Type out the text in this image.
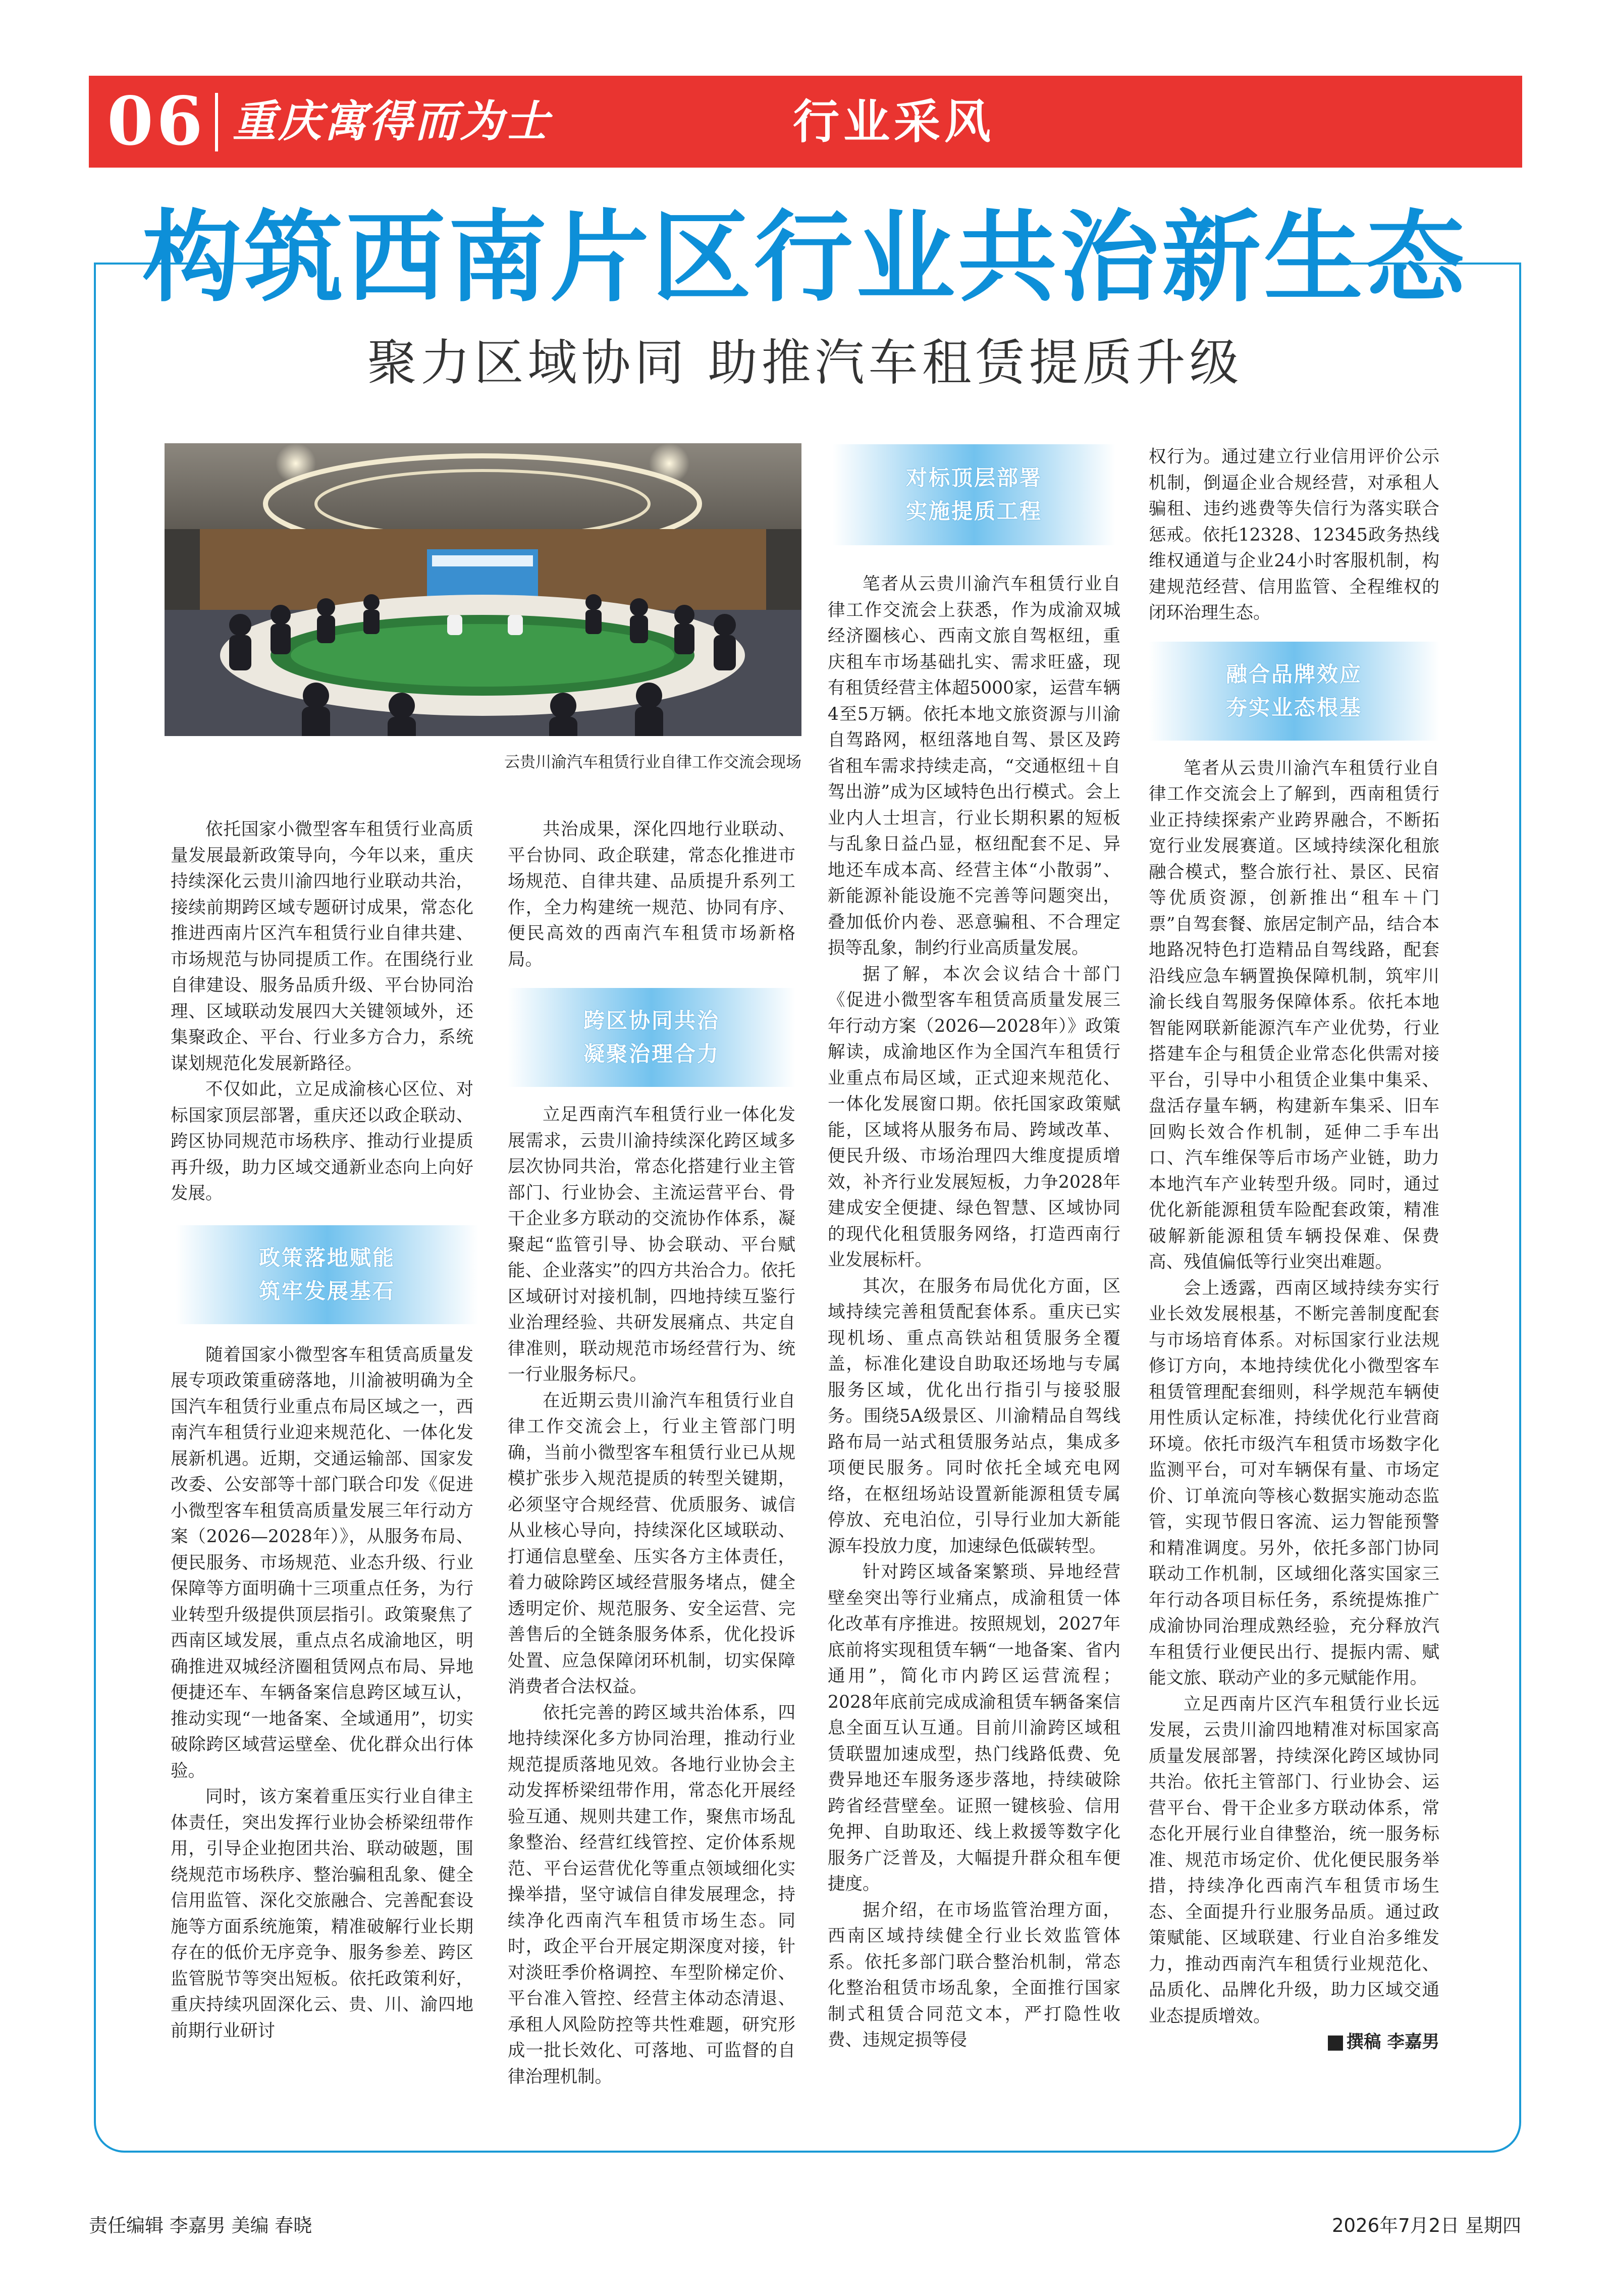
06 重庆寓得而为士	行业采风
构筑西南片区行业共治新生态
聚力区域协同 助推汽车租赁提质升级
云贵川渝汽车租赁行业自律工作交流会现场

依托国家小微型客车租赁行业高质量发展最新政策导向，今年以来，重庆持续深化云贵川渝四地行业联动共治，接续前期跨区域专题研讨成果，常态化推进西南片区汽车租赁行业自律共建、市场规范与协同提质工作。在围绕行业自律建设、服务品质升级、平台协同治理、区域联动发展四大关键领域外，还集聚政企、平台、行业多方合力，系统谋划规范化发展新路径。

不仅如此，立足成渝核心区位、对标国家顶层部署，重庆还以政企联动、跨区协同规范市场秩序、推动行业提质再升级，助力区域交通新业态向上向好发展。

政策落地赋能
筑牢发展基石

随着国家小微型客车租赁高质量发展专项政策重磅落地，川渝被明确为全国汽车租赁行业重点布局区域之一，西南汽车租赁行业迎来规范化、一体化发展新机遇。近期，交通运输部、国家发改委、公安部等十部门联合印发《促进小微型客车租赁高质量发展三年行动方案（2026—2028年）》，从服务布局、便民服务、市场规范、业态升级、行业保障等方面明确十三项重点任务，为行业转型升级提供顶层指引。政策聚焦了西南区域发展，重点点名成渝地区，明确推进双城经济圈租赁网点布局、异地便捷还车、车辆备案信息跨区域互认，推动实现“一地备案、全域通用”，切实破除跨区域营运壁垒、优化群众出行体验。

同时，该方案着重压实行业自律主体责任，突出发挥行业协会桥梁纽带作用，引导企业抱团共治、联动破题，围绕规范市场秩序、整治骗租乱象、健全信用监管、深化交旅融合、完善配套设施等方面系统施策，精准破解行业长期存在的低价无序竞争、服务参差、跨区监管脱节等突出短板。依托政策利好，重庆持续巩固深化云、贵、川、渝四地前期行业研讨

共治成果，深化四地行业联动、平台协同、政企联建，常态化推进市场规范、自律共建、品质提升系列工作，全力构建统一规范、协同有序、便民高效的西南汽车租赁市场新格局。

跨区协同共治
凝聚治理合力

立足西南汽车租赁行业一体化发展需求，云贵川渝持续深化跨区域多层次协同共治，常态化搭建行业主管部门、行业协会、主流运营平台、骨干企业多方联动的交流协作体系，凝聚起“监管引导、协会联动、平台赋能、企业落实”的四方共治合力。依托区域研讨对接机制，四地持续互鉴行业治理经验、共研发展痛点、共定自律准则，联动规范市场经营行为、统一行业服务标尺。

在近期云贵川渝汽车租赁行业自律工作交流会上，行业主管部门明确，当前小微型客车租赁行业已从规模扩张步入规范提质的转型关键期，必须坚守合规经营、优质服务、诚信从业核心导向，持续深化区域联动、打通信息壁垒、压实各方主体责任，着力破除跨区域经营服务堵点，健全透明定价、规范服务、安全运营、完善售后的全链条服务体系，优化投诉处置、应急保障闭环机制，切实保障消费者合法权益。

依托完善的跨区域共治体系，四地持续深化多方协同治理，推动行业规范提质落地见效。各地行业协会主动发挥桥梁纽带作用，常态化开展经验互通、规则共建工作，聚焦市场乱象整治、经营红线管控、定价体系规范、平台运营优化等重点领域细化实操举措，坚守诚信自律发展理念，持续净化西南汽车租赁市场生态。同时，政企平台开展定期深度对接，针对淡旺季价格调控、车型阶梯定价、平台准入管控、经营主体动态清退、承租人风险防控等共性难题，研究形成一批长效化、可落地、可监督的自律治理机制。

对标顶层部署
实施提质工程

笔者从云贵川渝汽车租赁行业自律工作交流会上获悉，作为成渝双城经济圈核心、西南文旅自驾枢纽，重庆租车市场基础扎实、需求旺盛，现有租赁经营主体超5000家，运营车辆4至5万辆。依托本地文旅资源与川渝自驾路网，枢纽落地自驾、景区及跨省租车需求持续走高，“交通枢纽＋自驾出游”成为区域特色出行模式。会上业内人士坦言，行业长期积累的短板与乱象日益凸显，枢纽配套不足、异地还车成本高、经营主体“小散弱”、新能源补能设施不完善等问题突出，叠加低价内卷、恶意骗租、不合理定损等乱象，制约行业高质量发展。

据了解，本次会议结合十部门《促进小微型客车租赁高质量发展三年行动方案（2026—2028年）》政策解读，成渝地区作为全国汽车租赁行业重点布局区域，正式迎来规范化、一体化发展窗口期。依托国家政策赋能，区域将从服务布局、跨域改革、便民升级、市场治理四大维度提质增效，补齐行业发展短板，力争2028年建成安全便捷、绿色智慧、区域协同的现代化租赁服务网络，打造西南行业发展标杆。

其次，在服务布局优化方面，区域持续完善租赁配套体系。重庆已实现机场、重点高铁站租赁服务全覆盖，标准化建设自助取还场地与专属服务区域，优化出行指引与接驳服务。围绕5A级景区、川渝精品自驾线路布局一站式租赁服务站点，集成多项便民服务。同时依托全域充电网络，在枢纽场站设置新能源租赁专属停放、充电泊位，引导行业加大新能源车投放力度，加速绿色低碳转型。

针对跨区域备案繁琐、异地经营壁垒突出等行业痛点，成渝租赁一体化改革有序推进。按照规划，2027年底前将实现租赁车辆“一地备案、省内通用”，简化市内跨区运营流程；2028年底前完成成渝租赁车辆备案信息全面互认互通。目前川渝跨区域租赁联盟加速成型，热门线路低费、免费异地还车服务逐步落地，持续破除跨省经营壁垒。证照一键核验、信用免押、自助取还、线上救援等数字化服务广泛普及，大幅提升群众租车便捷度。

据介绍，在市场监管治理方面，西南区域持续健全行业长效监管体系。依托多部门联合整治机制，常态化整治租赁市场乱象，全面推行国家制式租赁合同范文本，严打隐性收费、违规定损等侵

权行为。通过建立行业信用评价公示机制，倒逼企业合规经营，对承租人骗租、违约逃费等失信行为落实联合惩戒。依托12328、12345政务热线维权通道与企业24小时客服机制，构建规范经营、信用监管、全程维权的闭环治理生态。

融合品牌效应
夯实业态根基

笔者从云贵川渝汽车租赁行业自律工作交流会上了解到，西南租赁行业正持续探索产业跨界融合，不断拓宽行业发展赛道。区域持续深化租旅融合模式，整合旅行社、景区、民宿等优质资源，创新推出“租车＋门票”自驾套餐、旅居定制产品，结合本地路况特色打造精品自驾线路，配套沿线应急车辆置换保障机制，筑牢川渝长线自驾服务保障体系。依托本地智能网联新能源汽车产业优势，行业搭建车企与租赁企业常态化供需对接平台，引导中小租赁企业集中集采、盘活存量车辆，构建新车集采、旧车回购长效合作机制，延伸二手车出口、汽车维保等后市场产业链，助力本地汽车产业转型升级。同时，通过优化新能源租赁车险配套政策，精准破解新能源租赁车辆投保难、保费高、残值偏低等行业突出难题。

会上透露，西南区域持续夯实行业长效发展根基，不断完善制度配套与市场培育体系。对标国家行业法规修订方向，本地持续优化小微型客车租赁管理配套细则，科学规范车辆使用性质认定标准，持续优化行业营商环境。依托市级汽车租赁市场数字化监测平台，可对车辆保有量、市场定价、订单流向等核心数据实施动态监管，实现节假日客流、运力智能预警和精准调度。另外，依托多部门协同联动工作机制，区域细化落实国家三年行动各项目标任务，系统提炼推广成渝协同治理成熟经验，充分释放汽车租赁行业便民出行、提振内需、赋能文旅、联动产业的多元赋能作用。

立足西南片区汽车租赁行业长远发展，云贵川渝四地精准对标国家高质量发展部署，持续深化跨区域协同共治。依托主管部门、行业协会、运营平台、骨干企业多方联动体系，常态化开展行业自律整治，统一服务标准、规范市场定价、优化便民服务举措，持续净化西南汽车租赁市场生态、全面提升行业服务品质。通过政策赋能、区域联建、行业自治多维发力，推动西南汽车租赁行业规范化、品质化、品牌化升级，助力区域交通业态提质增效。

撰稿 李嘉男
责任编辑 李嘉男 美编 春晓	2026年7月2日 星期四
